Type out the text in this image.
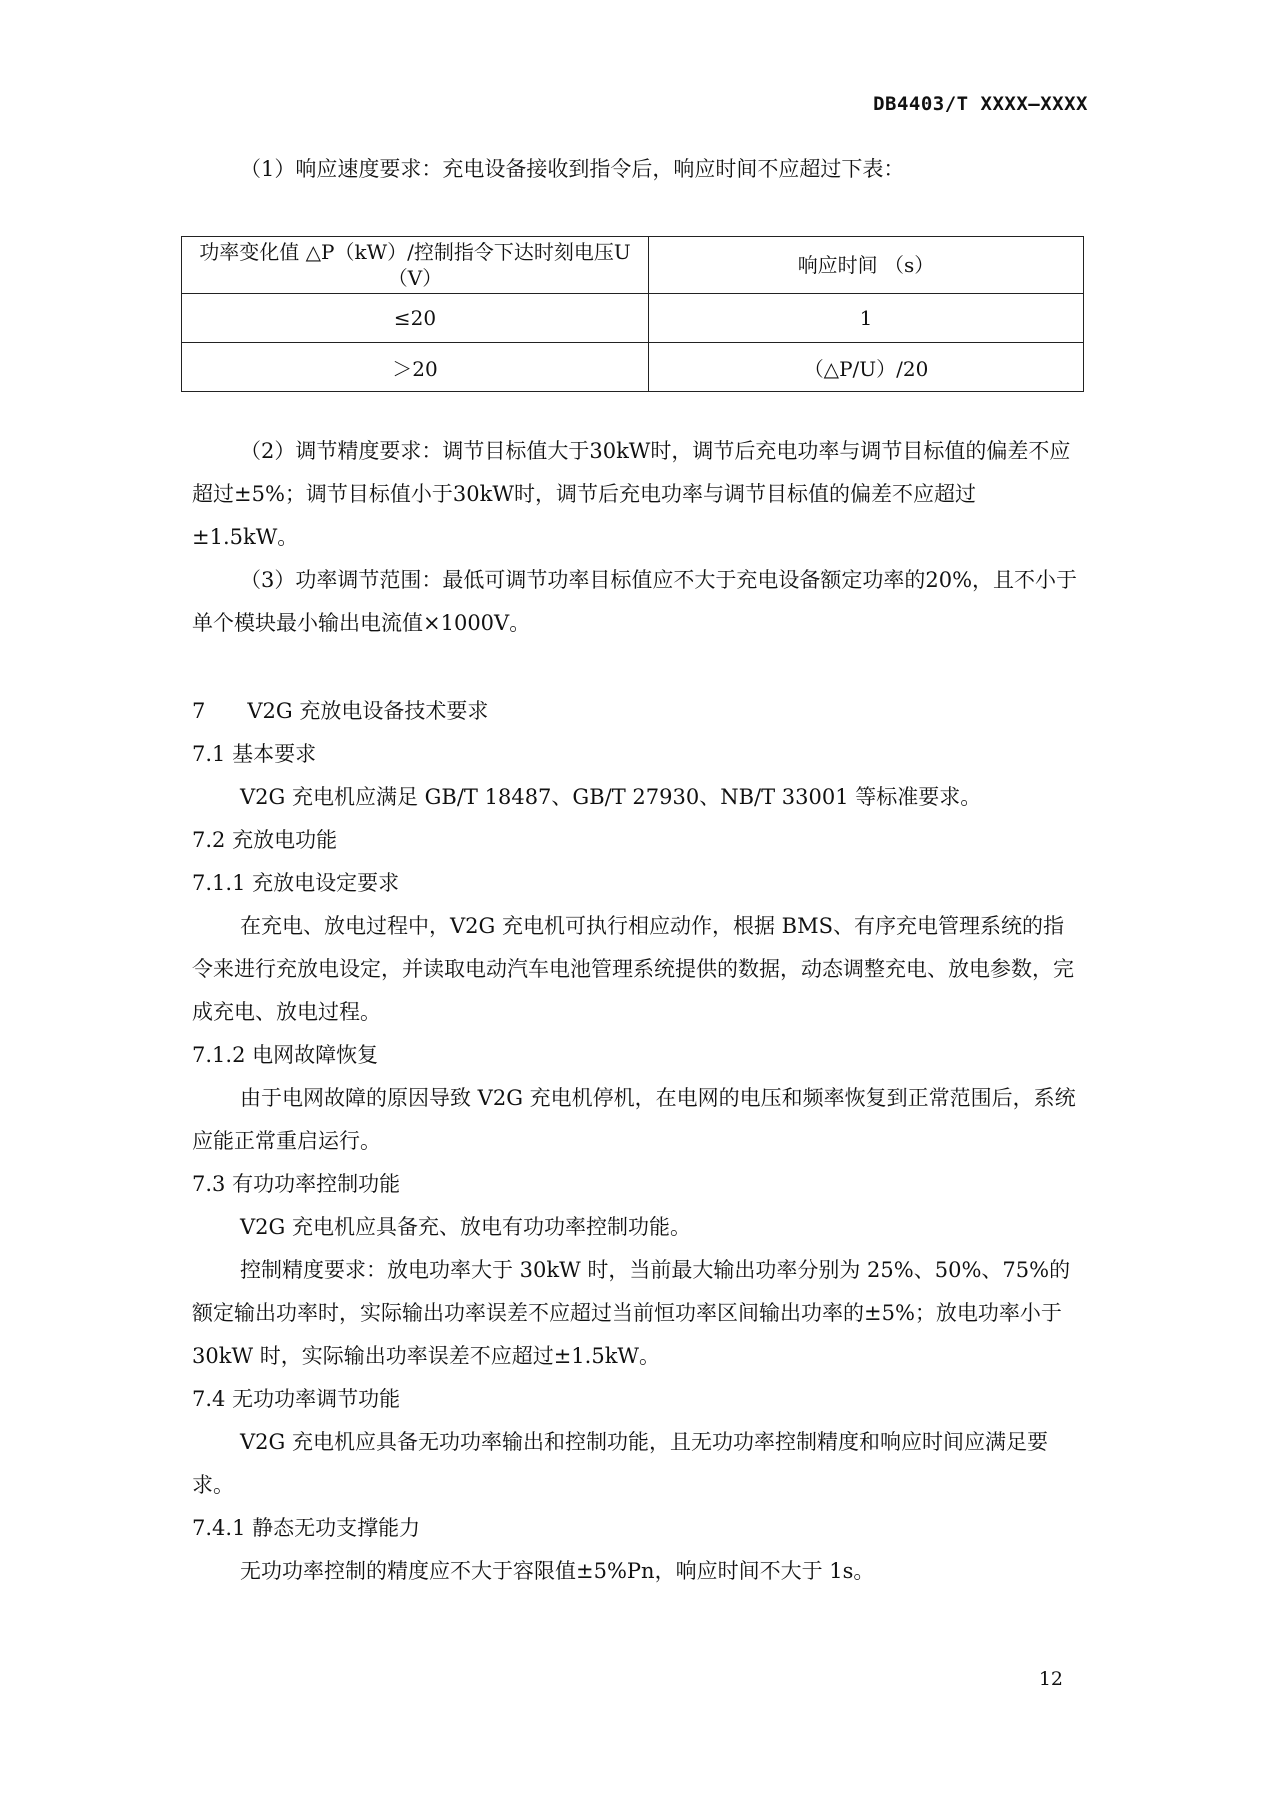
DB4403/T XXXX—XXXX
（1）响应速度要求：充电设备接收到指令后，响应时间不应超过下表：
功率变化值 △P（kW）/控制指令下达时刻电压U（V）	响应时间 （s）
≤20	1
＞20	（△P/U）/20

（2）调节精度要求：调节目标值大于30kW时，调节后充电功率与调节目标值的偏差不应超过±5%；调节目标值小于30kW时，调节后充电功率与调节目标值的偏差不应超过±1.5kW。

（3）功率调节范围：最低可调节功率目标值应不大于充电设备额定功率的20%，且不小于单个模块最小输出电流值×1000V。

7　　V2G 充放电设备技术要求

7.1 基本要求

V2G 充电机应满足 GB/T 18487、GB/T 27930、NB/T 33001 等标准要求。

7.2 充放电功能

7.1.1 充放电设定要求

在充电、放电过程中，V2G 充电机可执行相应动作，根据 BMS、有序充电管理系统的指令来进行充放电设定，并读取电动汽车电池管理系统提供的数据，动态调整充电、放电参数，完成充电、放电过程。

7.1.2 电网故障恢复

由于电网故障的原因导致 V2G 充电机停机，在电网的电压和频率恢复到正常范围后，系统应能正常重启运行。

7.3 有功功率控制功能

V2G 充电机应具备充、放电有功功率控制功能。

控制精度要求：放电功率大于 30kW 时，当前最大输出功率分别为 25%、50%、75%的额定输出功率时，实际输出功率误差不应超过当前恒功率区间输出功率的±5%；放电功率小于 30kW 时，实际输出功率误差不应超过±1.5kW。

7.4 无功功率调节功能

V2G 充电机应具备无功功率输出和控制功能，且无功功率控制精度和响应时间应满足要求。

7.4.1 静态无功支撑能力

无功功率控制的精度应不大于容限值±5%Pn，响应时间不大于 1s。

12
